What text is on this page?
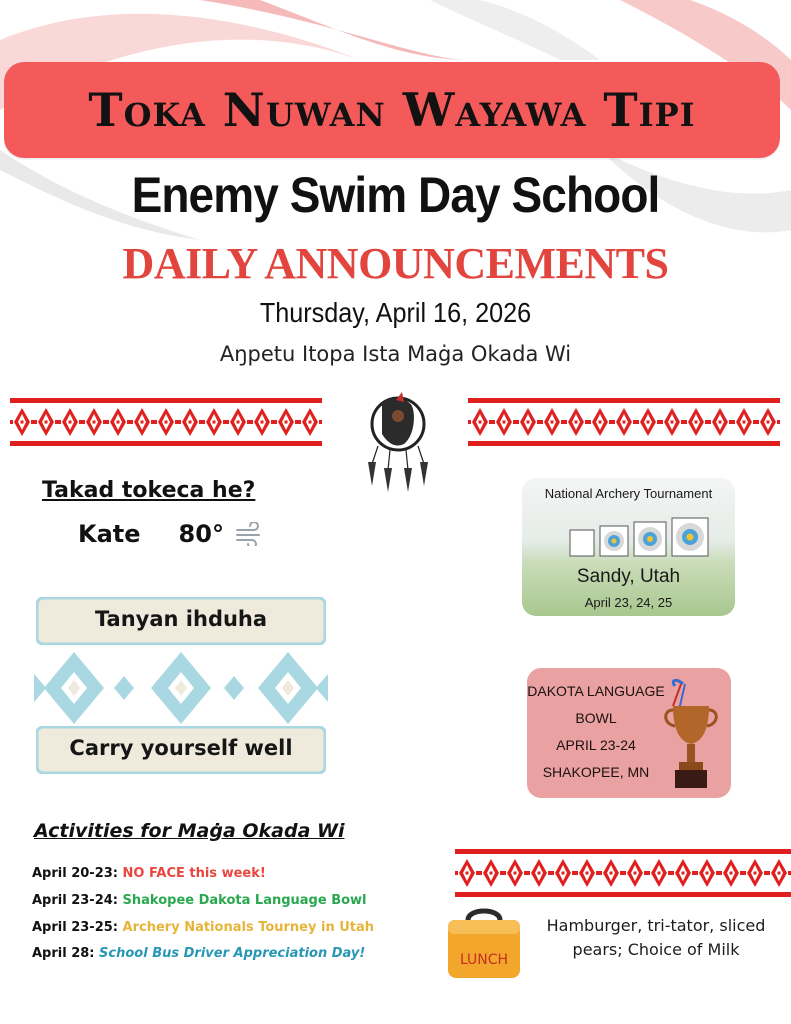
Toka Nuwan Wayawa Tipi
Enemy Swim Day School
DAILY ANNOUNCEMENTS
Thursday, April 16, 2026
Aŋpetu Itopa Ista Maġa Okada Wi
Takad tokeca he?
Kate 80°
National Archery Tournament
Sandy, Utah
April 23, 24, 25
DAKOTA LANGUAGE
BOWL
APRIL 23-24
SHAKOPEE, MN
Tanyan ihduha
Carry yourself well
Activities for Maġa Okada Wi
April 20-23: NO FACE this week!
April 23-24: Shakopee Dakota Language Bowl
April 23-25: Archery Nationals Tourney in Utah
April 28: School Bus Driver Appreciation Day!	LUNCH
Hamburger, tri-tator, sliced pears; Choice of Milk
